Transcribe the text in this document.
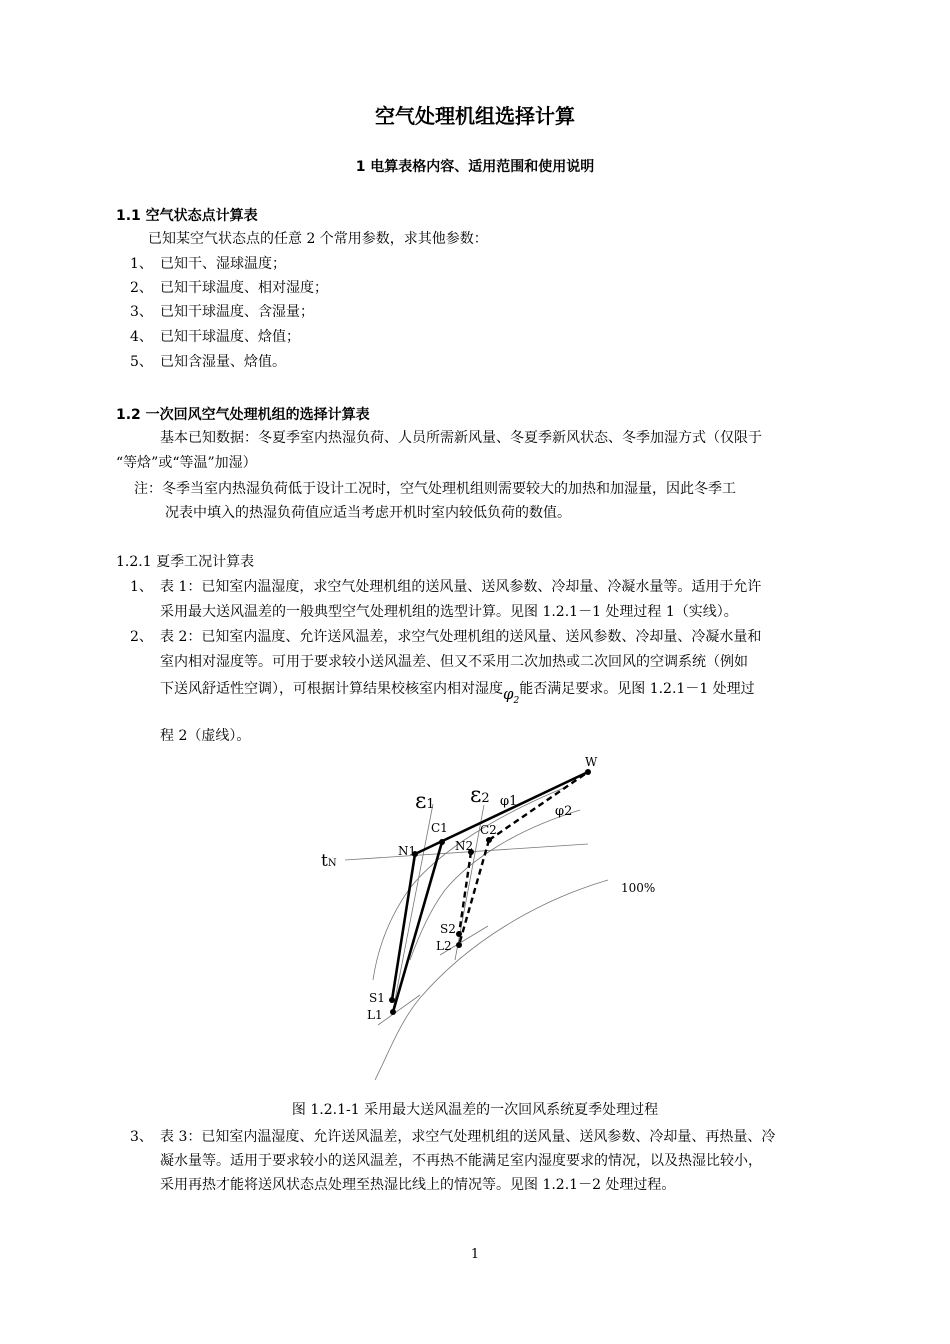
空气处理机组选择计算
1 电算表格内容、适用范围和使用说明
1.1 空气状态点计算表
已知某空气状态点的任意 2 个常用参数，求其他参数：
1、 已知干、湿球温度；
2、 已知干球温度、相对湿度；
3、 已知干球温度、含湿量；
4、 已知干球温度、焓值；
5、 已知含湿量、焓值。
1.2 一次回风空气处理机组的选择计算表
基本已知数据：冬夏季室内热湿负荷、人员所需新风量、冬夏季新风状态、冬季加湿方式（仅限于
“等焓”或“等温”加湿）
注：冬季当室内热湿负荷低于设计工况时，空气处理机组则需要较大的加热和加湿量，因此冬季工
况表中填入的热湿负荷值应适当考虑开机时室内较低负荷的数值。
1.2.1 夏季工况计算表
1、 表 1：已知室内温湿度，求空气处理机组的送风量、送风参数、冷却量、冷凝水量等。适用于允许
采用最大送风温差的一般典型空气处理机组的选型计算。见图 1.2.1－1 处理过程 1（实线）。
2、 表 2：已知室内温度、允许送风温差，求空气处理机组的送风量、送风参数、冷却量、冷凝水量和
室内相对湿度等。可用于要求较小送风温差、但又不采用二次加热或二次回风的空调系统（例如
下送风舒适性空调），可根据计算结果校核室内相对湿度$\varphi_2$能否满足要求。见图 1.2.1－1 处理过
程 2（虚线）。
W
ε1 ε2 φ1
φ2
C1	C2
N1	N2
tN
100%
S2
L2
S1
L1
图 1.2.1-1 采用最大送风温差的一次回风系统夏季处理过程
3、 表 3：已知室内温湿度、允许送风温差，求空气处理机组的送风量、送风参数、冷却量、再热量、冷
凝水量等。适用于要求较小的送风温差，不再热不能满足室内湿度要求的情况，以及热湿比较小，
采用再热才能将送风状态点处理至热湿比线上的情况等。见图 1.2.1－2 处理过程。
1
